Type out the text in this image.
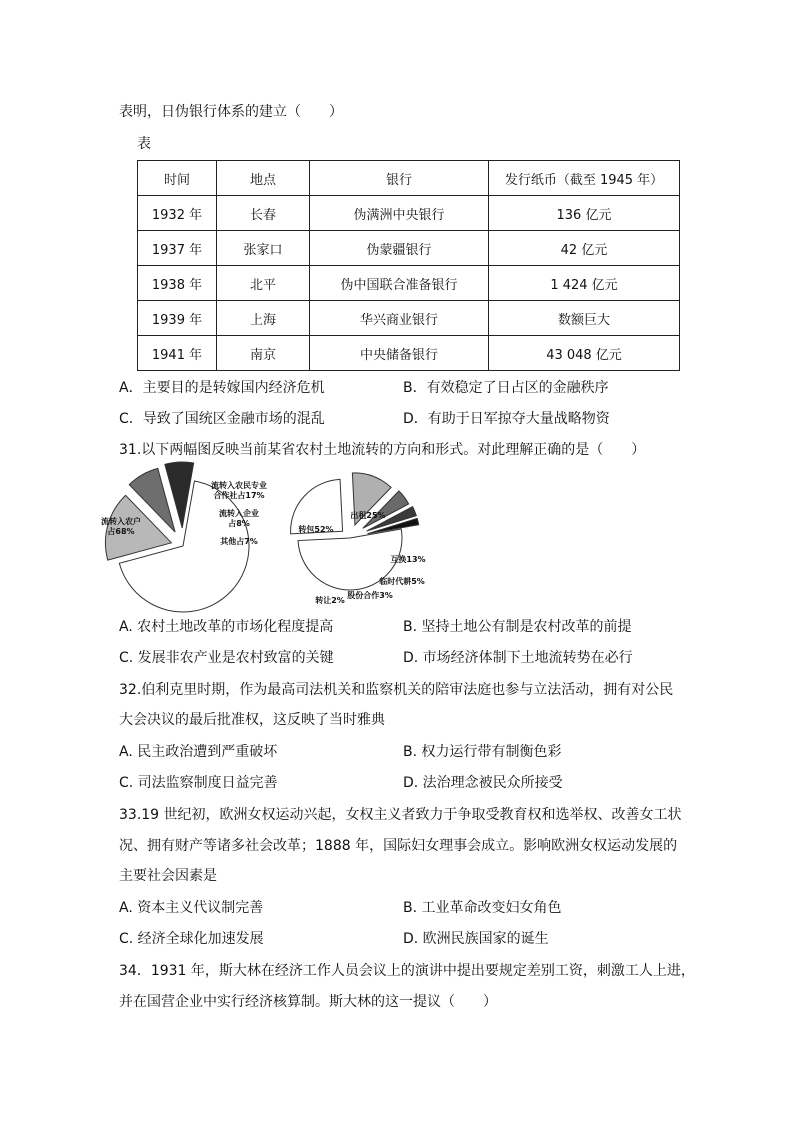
表明，日伪银行体系的建立（　　）
表
时间	地点	银行	发行纸币（截至 1945 年）
1932 年	长春	伪满洲中央银行	136 亿元
1937 年	张家口	伪蒙疆银行	42 亿元
1938 年	北平	伪中国联合准备银行	1 424 亿元
1939 年	上海	华兴商业银行	数额巨大
1941 年	南京	中央储备银行	43 048 亿元
A．主要目的是转嫁国内经济危机	B．有效稳定了日占区的金融秩序
C．导致了国统区金融市场的混乱	D．有助于日军掠夺大量战略物资
31.以下两幅图反映当前某省农村土地流转的方向和形式。对此理解正确的是（　　）
流转入农户占68%
流转入农民专业合作社占17%
流转入企业占8%
其他占7%
转包52%
出租25%
互换13%
临时代耕5%
股份合作3%
转让2%
A. 农村土地改革的市场化程度提高	B. 坚持土地公有制是农村改革的前提
C. 发展非农产业是农村致富的关键	D. 市场经济体制下土地流转势在必行
32.伯利克里时期，作为最高司法机关和监察机关的陪审法庭也参与立法活动，拥有对公民
大会决议的最后批准权，这反映了当时雅典
A. 民主政治遭到严重破坏	B. 权力运行带有制衡色彩
C. 司法监察制度日益完善	D. 法治理念被民众所接受
33.19 世纪初，欧洲女权运动兴起，女权主义者致力于争取受教育权和选举权、改善女工状
况、拥有财产等诸多社会改革；1888 年，国际妇女理事会成立。影响欧洲女权运动发展的
主要社会因素是
A. 资本主义代议制完善	B. 工业革命改变妇女角色
C. 经济全球化加速发展	D. 欧洲民族国家的诞生
34．1931 年，斯大林在经济工作人员会议上的演讲中提出要规定差别工资，刺激工人上进，
并在国营企业中实行经济核算制。斯大林的这一提议（　　）
